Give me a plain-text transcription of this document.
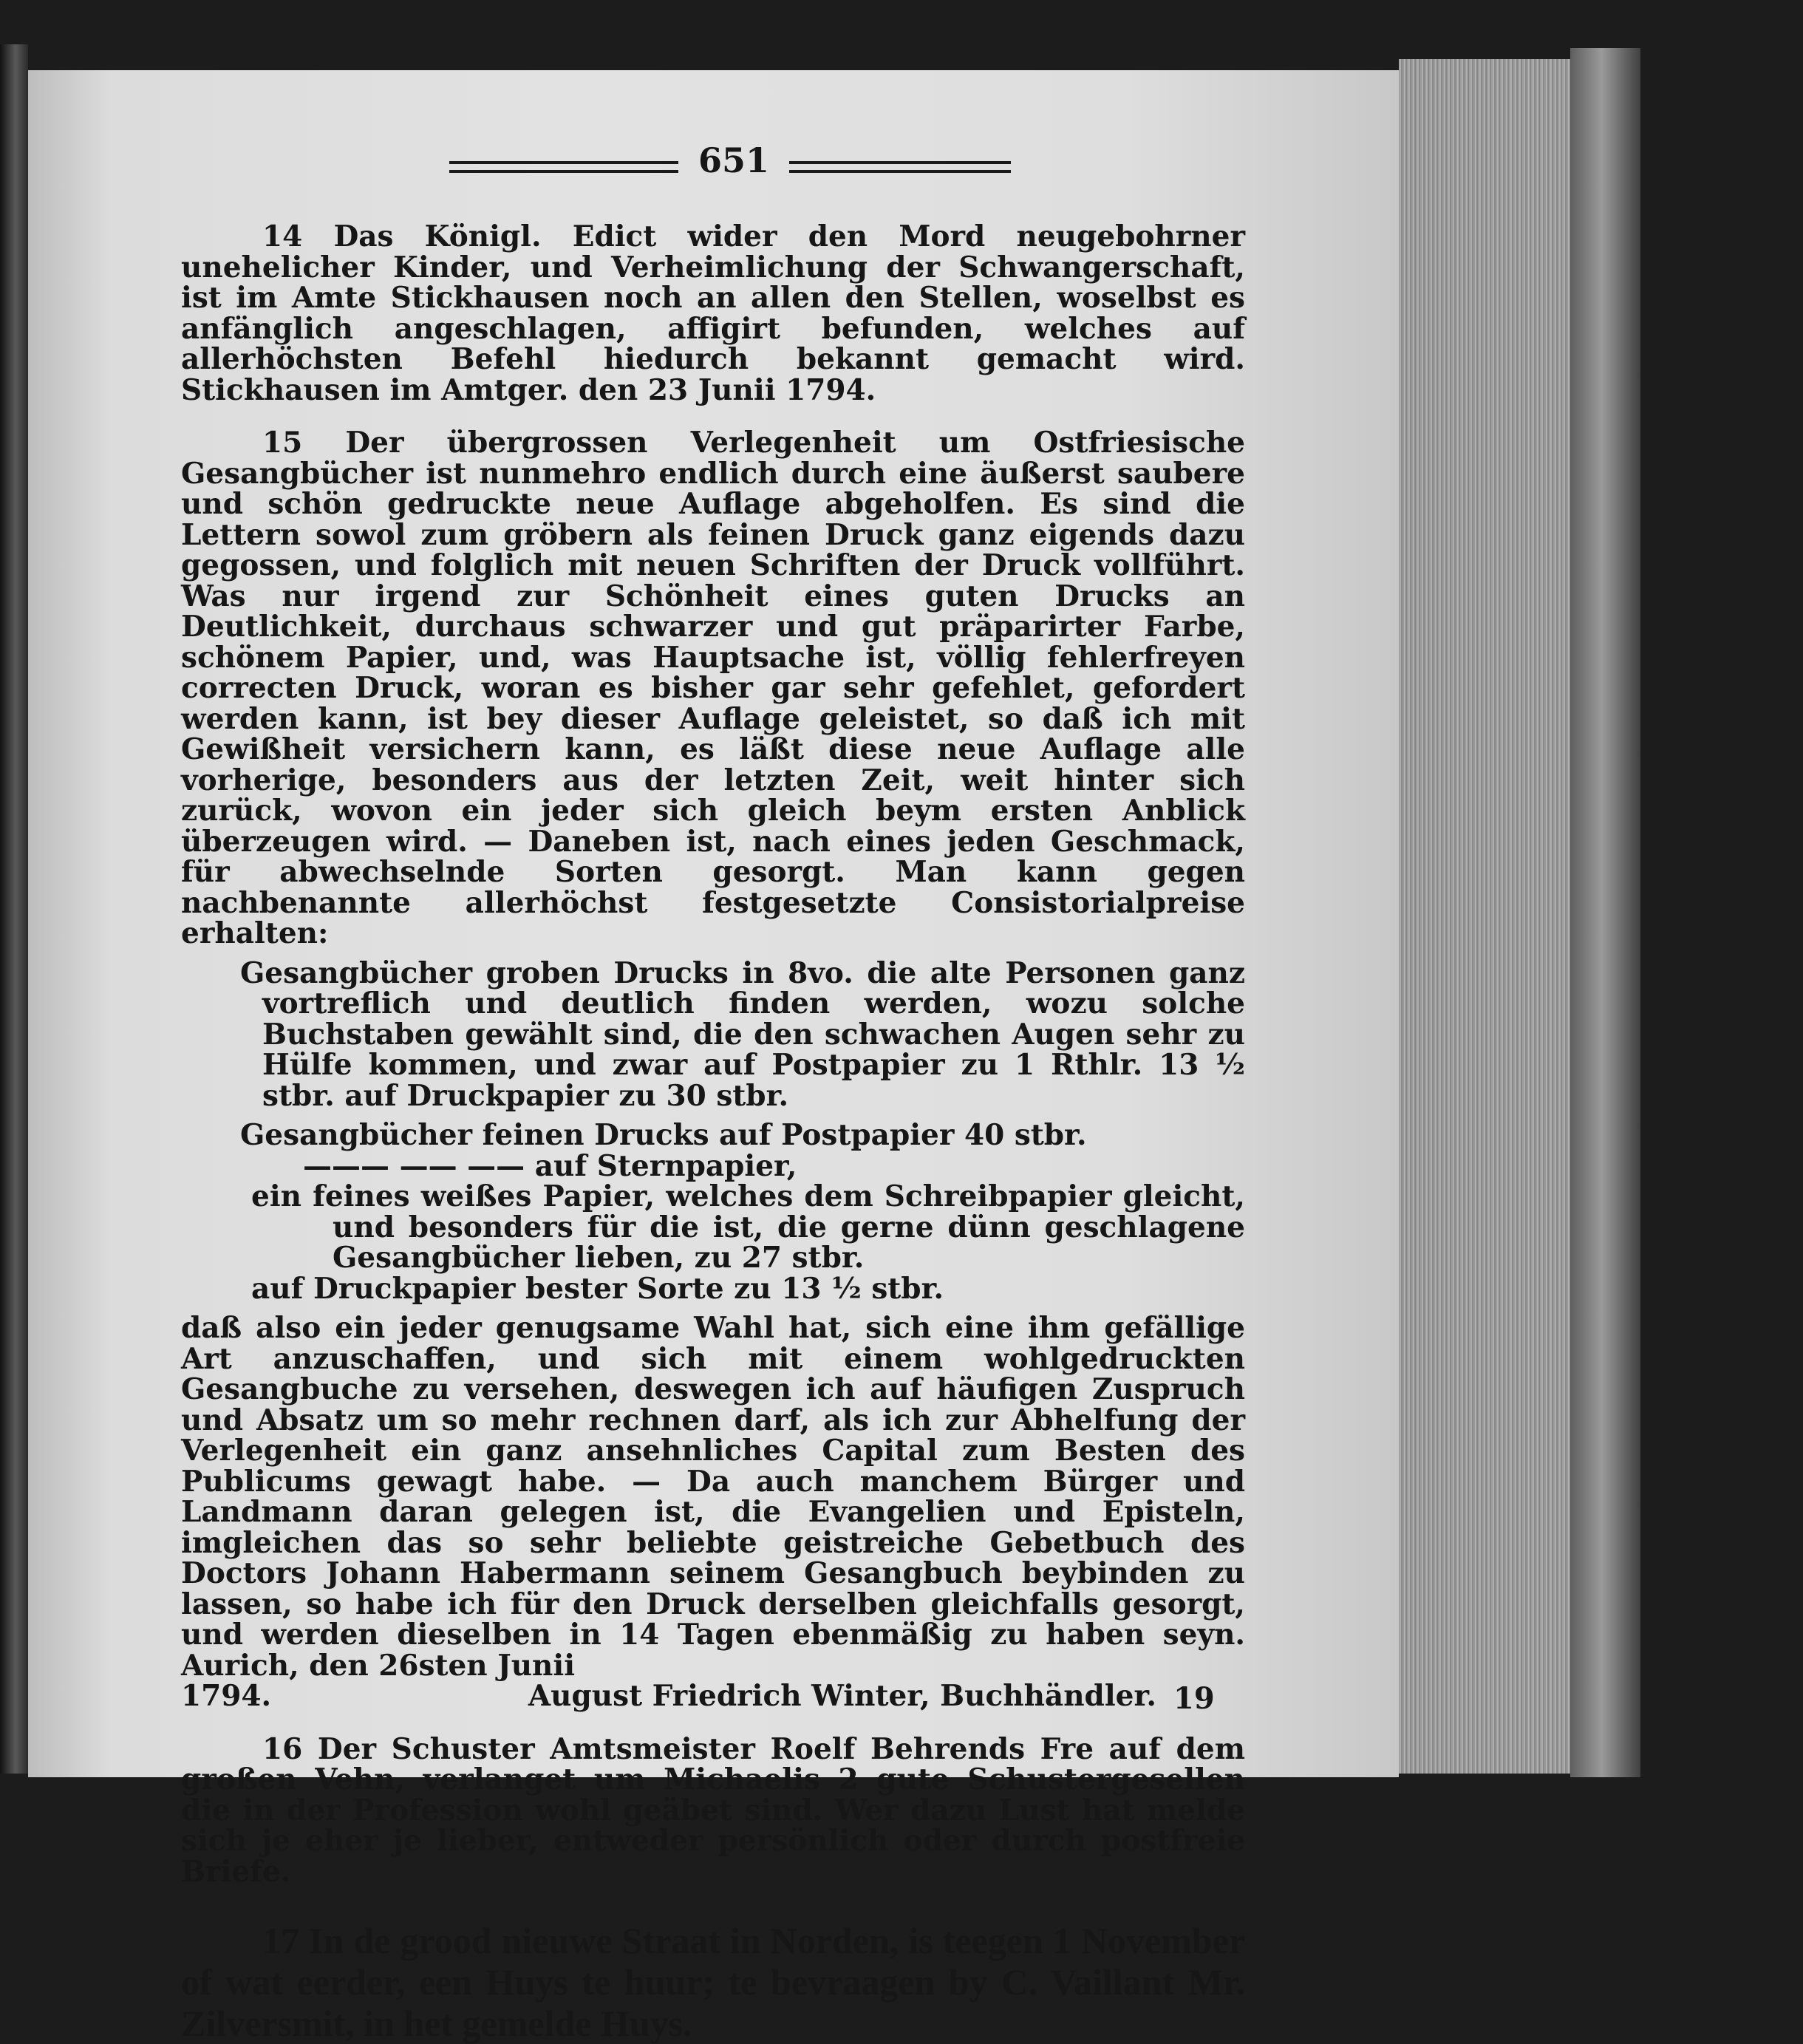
651

14 Das Königl. Edict wider den Mord neugebohrner unehelicher Kinder, und Verheimlichung der Schwangerschaft, ist im Amte Stickhausen noch an allen den Stellen, woselbst es anfänglich angeschlagen, affigirt befunden, welches auf allerhöchsten Befehl hiedurch bekannt gemacht wird. Stickhausen im Amtger. den 23 Junii 1794.

15 Der übergrossen Verlegenheit um Ostfriesische Gesangbücher ist nunmehro endlich durch eine äußerst saubere und schön gedruckte neue Auflage abgeholfen. Es sind die Lettern sowol zum gröbern als feinen Druck ganz eigends dazu gegossen, und folglich mit neuen Schriften der Druck vollführt. Was nur irgend zur Schönheit eines guten Drucks an Deutlichkeit, durchaus schwarzer und gut präparirter Farbe, schönem Papier, und, was Hauptsache ist, völlig fehlerfreyen correcten Druck, woran es bisher gar sehr gefehlet, gefordert werden kann, ist bey dieser Auflage geleistet, so daß ich mit Gewißheit versichern kann, es läßt diese neue Auflage alle vorherige, besonders aus der letzten Zeit, weit hinter sich zurück, wovon ein jeder sich gleich beym ersten Anblick überzeugen wird. — Daneben ist, nach eines jeden Geschmack, für abwechselnde Sorten gesorgt. Man kann gegen nachbenannte allerhöchst festgesetzte Consistorialpreise erhalten:

Gesangbücher groben Drucks in 8vo. die alte Personen ganz vortreflich und deutlich finden werden, wozu solche Buchstaben gewählt sind, die den schwachen Augen sehr zu Hülfe kommen, und zwar auf Postpapier zu 1 Rthlr. 13 ½ stbr. auf Druckpapier zu 30 stbr.

Gesangbücher feinen Drucks auf Postpapier 40 stbr.

——— —— —— auf Sternpapier,

ein feines weißes Papier, welches dem Schreibpapier gleicht, und besonders für die ist, die gerne dünn geschlagene Gesangbücher lieben, zu 27 stbr.

auf Druckpapier bester Sorte zu 13 ½ stbr.

daß also ein jeder genugsame Wahl hat, sich eine ihm gefällige Art anzuschaffen, und sich mit einem wohlgedruckten Gesangbuche zu versehen, deswegen ich auf häufigen Zuspruch und Absatz um so mehr rechnen darf, als ich zur Abhelfung der Verlegenheit ein ganz ansehnliches Capital zum Besten des Publicums gewagt habe. — Da auch manchem Bürger und Landmann daran gelegen ist, die Evangelien und Episteln, imgleichen das so sehr beliebte geistreiche Gebetbuch des Doctors Johann Habermann seinem Gesangbuch beybinden zu lassen, so habe ich für den Druck derselben gleichfalls gesorgt, und werden dieselben in 14 Tagen ebenmäßig zu haben seyn. Aurich, den 26sten Junii

1794.	August Friedrich Winter, Buchhändler.

16 Der Schuster Amtsmeister Roelf Behrends Fre auf dem großen Vehn, verlanget um Michaelis 2 gute Schustergesellen die in der Profession wohl geäbet sind. Wer dazu Lust hat melde sich je eher je lieber, entweder persönlich oder durch postfreie Briefe.

17 In de grood nieuwe Straat in Norden, is teegen 1 November of wat eerder, een Huys te huur; te bevraagen by C. Vaillant Mr. Zilversmit, in het gemelde Huys.

19
